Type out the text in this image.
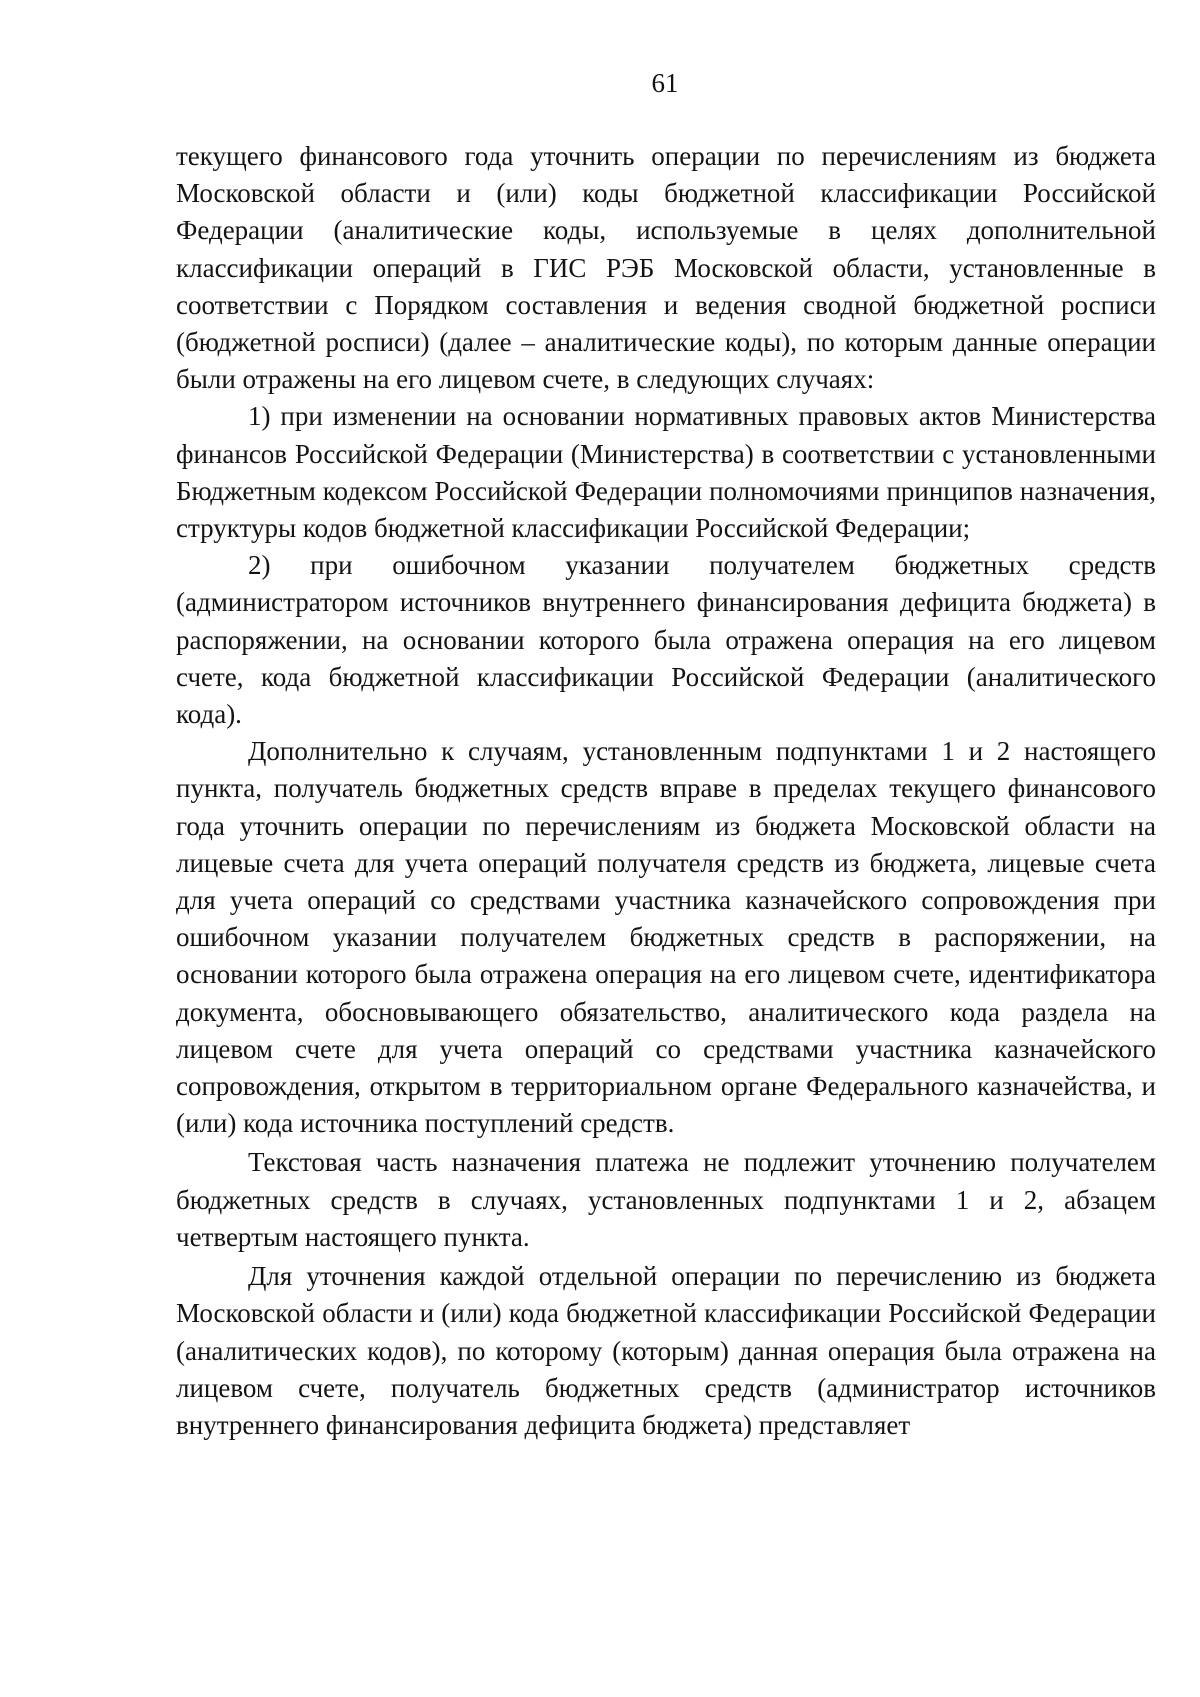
61

текущего финансового года уточнить операции по перечислениям из бюджета Московской области и (или) коды бюджетной классификации Российской Федерации (аналитические коды, используемые в целях дополнительной классификации операций в ГИС РЭБ Московской области, установленные в соответствии с Порядком составления и ведения сводной бюджетной росписи (бюджетной росписи) (далее – аналитические коды), по которым данные операции были отражены на его лицевом счете, в следующих случаях:

1) при изменении на основании нормативных правовых актов Министерства финансов Российской Федерации (Министерства) в соответствии с установленными Бюджетным кодексом Российской Федерации полномочиями принципов назначения, структуры кодов бюджетной классификации Российской Федерации;

2) при ошибочном указании получателем бюджетных средств (администратором источников внутреннего финансирования дефицита бюджета) в распоряжении, на основании которого была отражена операция на его лицевом счете, кода бюджетной классификации Российской Федерации (аналитического кода).

Дополнительно к случаям, установленным подпунктами 1 и 2 настоящего пункта, получатель бюджетных средств вправе в пределах текущего финансового года уточнить операции по перечислениям из бюджета Московской области на лицевые счета для учета операций получателя средств из бюджета, лицевые счета для учета операций со средствами участника казначейского сопровождения при ошибочном указании получателем бюджетных средств в распоряжении, на основании которого была отражена операция на его лицевом счете, идентификатора документа, обосновывающего обязательство, аналитического кода раздела на лицевом счете для учета операций со средствами участника казначейского сопровождения, открытом в территориальном органе Федерального казначейства, и (или) кода источника поступлений средств.

Текстовая часть назначения платежа не подлежит уточнению получателем бюджетных средств в случаях, установленных подпунктами 1 и 2, абзацем четвертым настоящего пункта.

Для уточнения каждой отдельной операции по перечислению из бюджета Московской области и (или) кода бюджетной классификации Российской Федерации (аналитических кодов), по которому (которым) данная операция была отражена на лицевом счете, получатель бюджетных средств (администратор источников внутреннего финансирования дефицита бюджета) представляет
